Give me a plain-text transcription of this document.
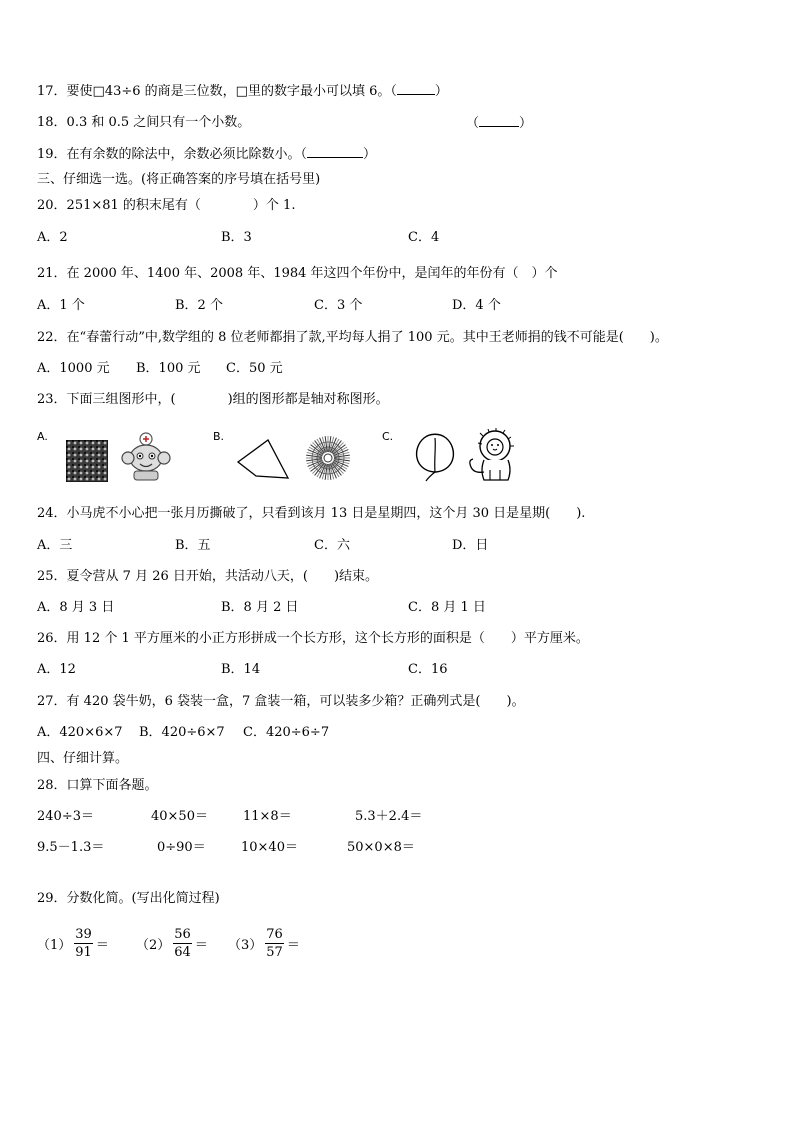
17．要使□43÷6 的商是三位数，□里的数字最小可以填 6。（	）
18．0.3 和 0.5 之间只有一个小数。	（	）
19．在有余数的除法中，余数必须比除数小。（	）
三、仔细选一选。(将正确答案的序号填在括号里)
20．251×81 的积末尾有（　　　　）个 1.
A．2	B．3	C．4
21．在 2000 年、1400 年、2008 年、1984 年这四个年份中，是闰年的年份有（　）个
A．1 个	B．2 个	C．3 个	D．4 个
22．在“春蕾行动”中,数学组的 8 位老师都捐了款,平均每人捐了 100 元。其中王老师捐的钱不可能是(　　)。
A．1000 元 B．100 元 C．50 元
23．下面三组图形中，(　　　　)组的图形都是轴对称图形。
A.	B.	C.
24．小马虎不小心把一张月历撕破了，只看到该月 13 日是星期四，这个月 30 日是星期(　　).
A．三	B．五	C．六	D．日
25．夏令营从 7 月 26 日开始，共活动八天，(　　)结束。
A．8 月 3 日	B．8 月 2 日	C．8 月 1 日
26．用 12 个 1 平方厘米的小正方形拼成一个长方形，这个长方形的面积是（　　）平方厘米。
A．12	B．14	C．16
27．有 420 袋牛奶，6 袋装一盒，7 盒装一箱，可以装多少箱？正确列式是(　　)。
A．420×6×7 B．420÷6×7 C．420÷6÷7
四、仔细计算。
28．口算下面各题。
240÷3＝	40×50＝	11×8＝	5.3＋2.4＝
9.5－1.3＝	0÷90＝	10×40＝	50×0×8＝
29．分数化简。(写出化简过程)
$(1) \frac{39}{91} = (2) \frac{56}{64} = (3) \frac{76}{57}$ ＝
